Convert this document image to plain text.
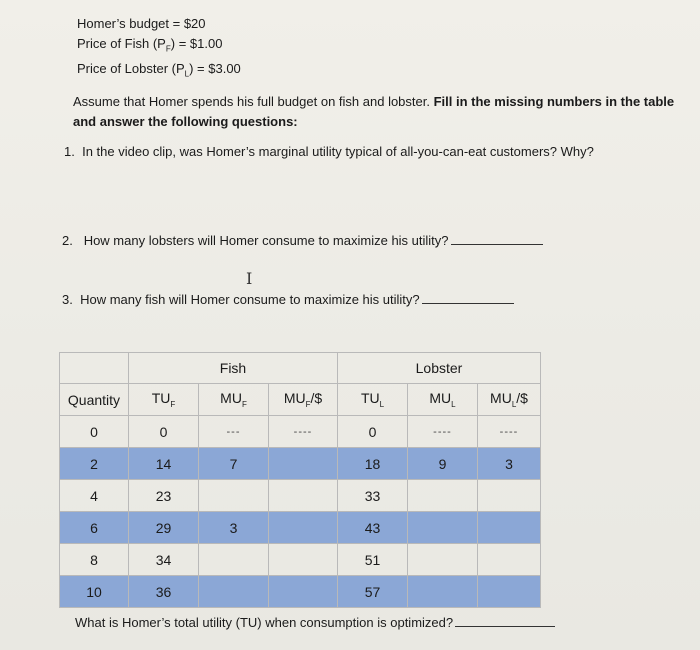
Homer’s budget = $20
Price of Fish $(P_F)$ = $1.00
Price of Lobster $(P_L)$ = $3.00
Assume that Homer spends his full budget on fish and lobster. Fill in the missing numbers in the table
and answer the following questions:
1. In the video clip, was Homer’s marginal utility typical of all-you-can-eat customers? Why?
2. How many lobsters will Homer consume to maximize his utility?
I
3. How many fish will Homer consume to maximize his utility?
	Fish			Lobster		
Quantity	$TU_F$	$MU_F$	$MU_F/\$$	$TU_L$	$MU_L$	$MU_L/\$$
0	0	---	----	0	----	----
2	14	7		18	9	3
4	23			33		
6	29	3		43		
8	34			51		
10	36			57		
What is Homer’s total utility (TU) when consumption is optimized?
